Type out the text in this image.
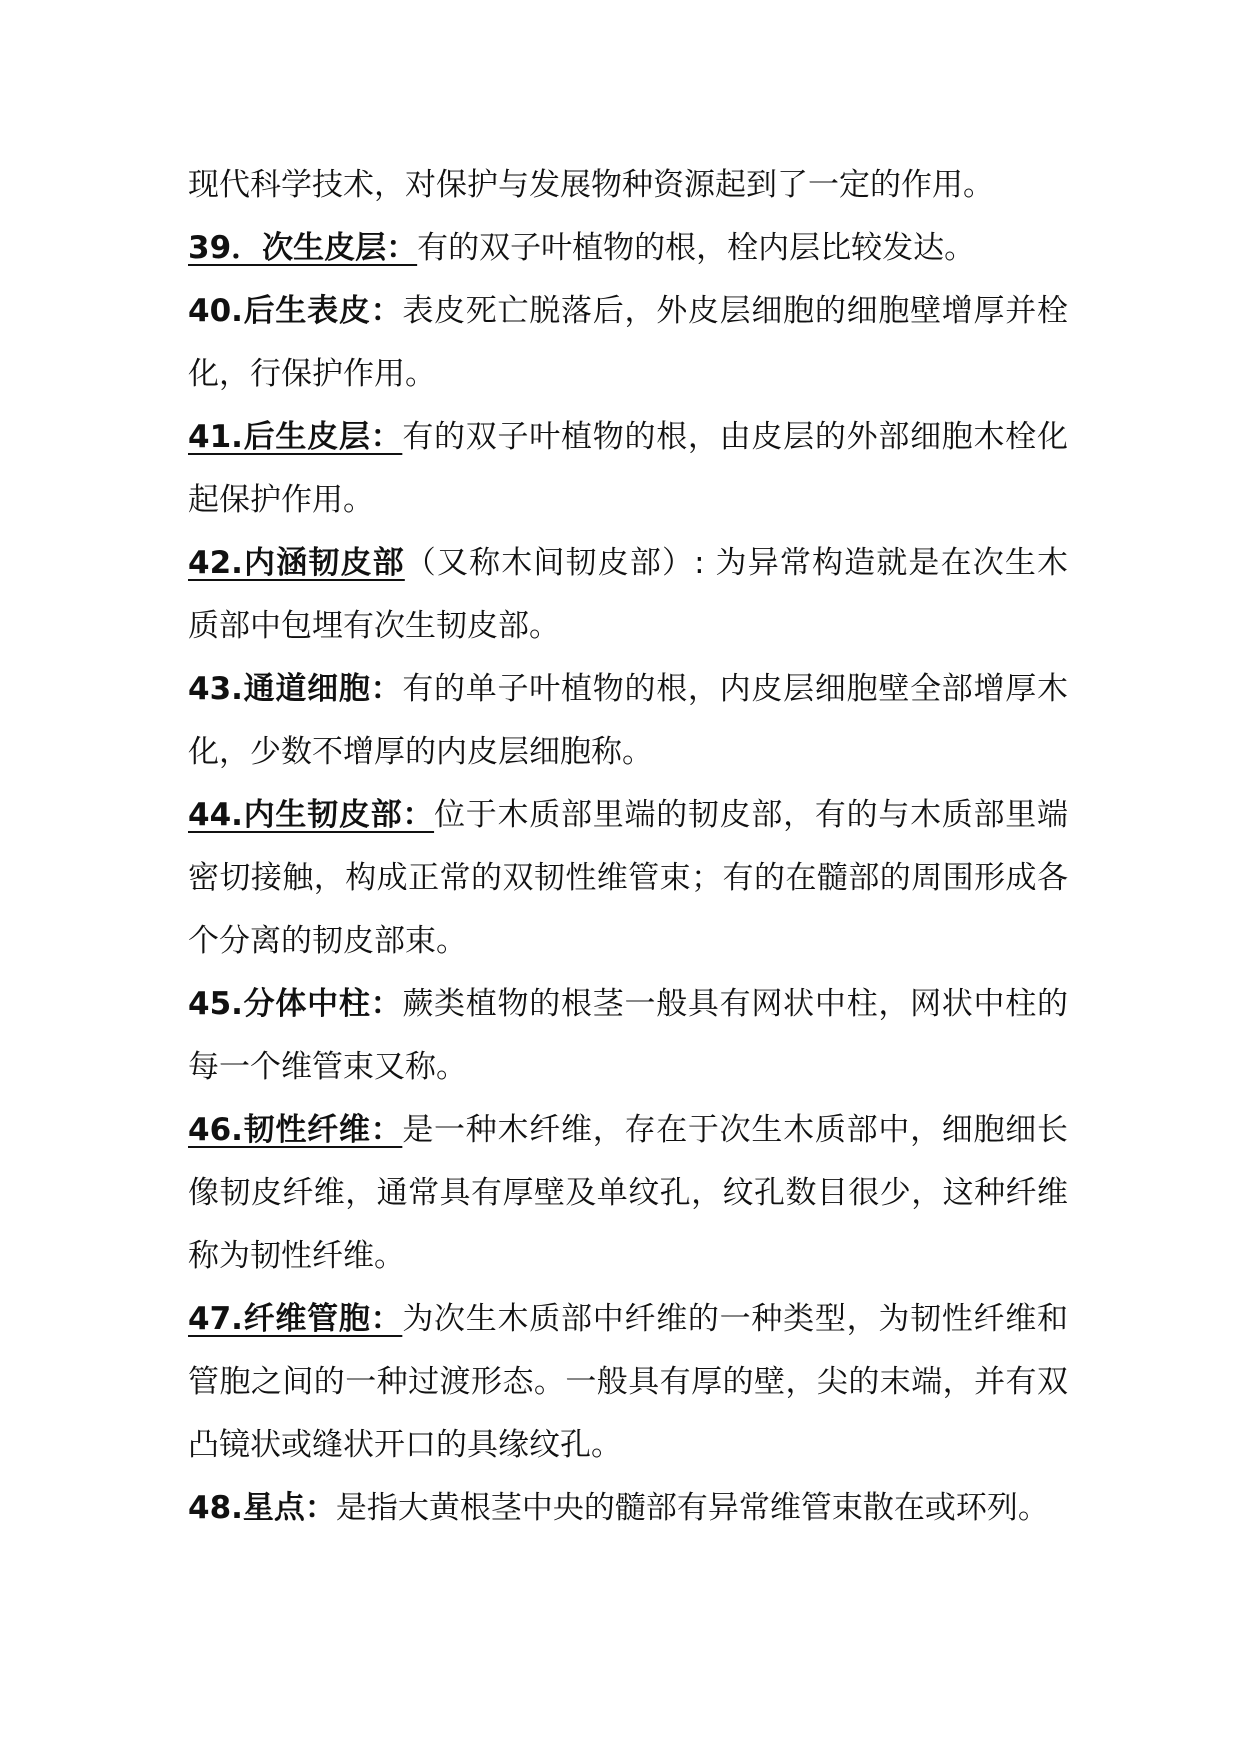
现代科学技术，对保护与发展物种资源起到了一定的作用。

39．次生皮层：有的双子叶植物的根，栓内层比较发达。

40.后生表皮：表皮死亡脱落后，外皮层细胞的细胞壁增厚并栓化，行保护作用。

41.后生皮层：有的双子叶植物的根，由皮层的外部细胞木栓化起保护作用。

42.内涵韧皮部（又称木间韧皮部）: 为异常构造就是在次生木质部中包埋有次生韧皮部。

43.通道细胞：有的单子叶植物的根，内皮层细胞壁全部增厚木化，少数不增厚的内皮层细胞称。

44.内生韧皮部：位于木质部里端的韧皮部，有的与木质部里端密切接触，构成正常的双韧性维管束；有的在髓部的周围形成各个分离的韧皮部束。

45.分体中柱：蕨类植物的根茎一般具有网状中柱，网状中柱的每一个维管束又称。

46.韧性纤维：是一种木纤维，存在于次生木质部中，细胞细长像韧皮纤维，通常具有厚壁及单纹孔，纹孔数目很少，这种纤维称为韧性纤维。

47.纤维管胞：为次生木质部中纤维的一种类型，为韧性纤维和管胞之间的一种过渡形态。一般具有厚的壁，尖的末端，并有双凸镜状或缝状开口的具缘纹孔。

48.星点：是指大黄根茎中央的髓部有异常维管束散在或环列。
